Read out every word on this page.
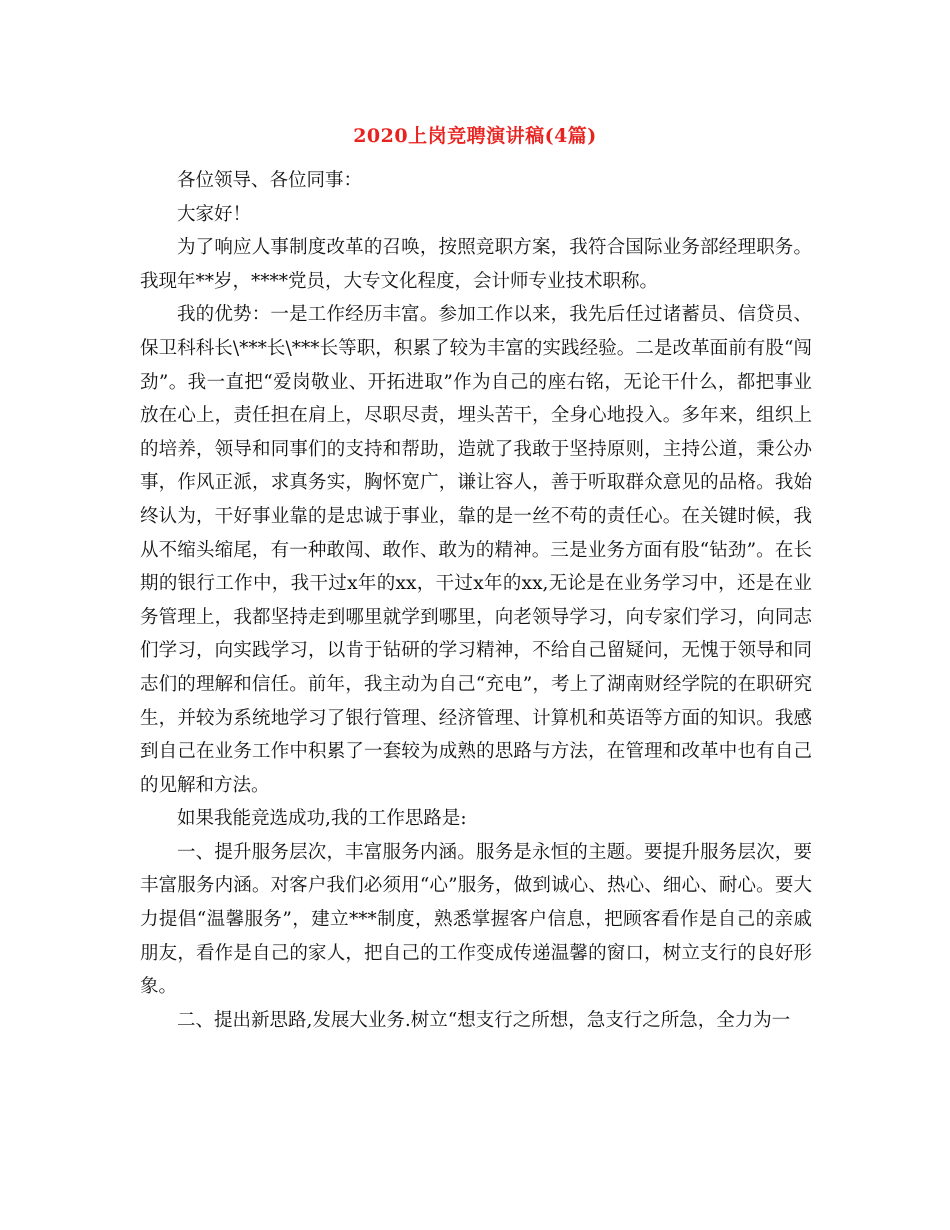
2020上岗竞聘演讲稿(4篇)

各位领导、各位同事：

大家好！

为了响应人事制度改革的召唤，按照竞职方案，我符合国际业务部经理职务。我现年**岁，****党员，大专文化程度，会计师专业技术职称。

我的优势：一是工作经历丰富。参加工作以来，我先后任过诸蓄员、信贷员、保卫科科长\***长\***长等职，积累了较为丰富的实践经验。二是改革面前有股“闯劲”。我一直把“爱岗敬业、开拓进取”作为自己的座右铭，无论干什么，都把事业放在心上，责任担在肩上，尽职尽责，埋头苦干，全身心地投入。多年来，组织上的培养，领导和同事们的支持和帮助，造就了我敢于坚持原则，主持公道，秉公办事，作风正派，求真务实，胸怀宽广，谦让容人，善于听取群众意见的品格。我始终认为，干好事业靠的是忠诚于事业，靠的是一丝不苟的责任心。在关键时候，我从不缩头缩尾，有一种敢闯、敢作、敢为的精神。三是业务方面有股“钻劲”。在长期的银行工作中，我干过x年的xx，干过x年的xx,无论是在业务学习中，还是在业务管理上，我都坚持走到哪里就学到哪里，向老领导学习，向专家们学习，向同志们学习，向实践学习，以肯于钻研的学习精神，不给自己留疑问，无愧于领导和同志们的理解和信任。前年，我主动为自己“充电”，考上了湖南财经学院的在职研究生，并较为系统地学习了银行管理、经济管理、计算机和英语等方面的知识。我感到自己在业务工作中积累了一套较为成熟的思路与方法，在管理和改革中也有自己的见解和方法。

如果我能竞选成功,我的工作思路是:

一、提升服务层次，丰富服务内涵。服务是永恒的主题。要提升服务层次，要丰富服务内涵。对客户我们必须用“心”服务，做到诚心、热心、细心、耐心。要大力提倡“温馨服务”，建立***制度，熟悉掌握客户信息，把顾客看作是自己的亲戚朋友，看作是自己的家人，把自己的工作变成传递温馨的窗口，树立支行的良好形象。

二、提出新思路,发展大业务.树立“想支行之所想，急支行之所急，全力为一
